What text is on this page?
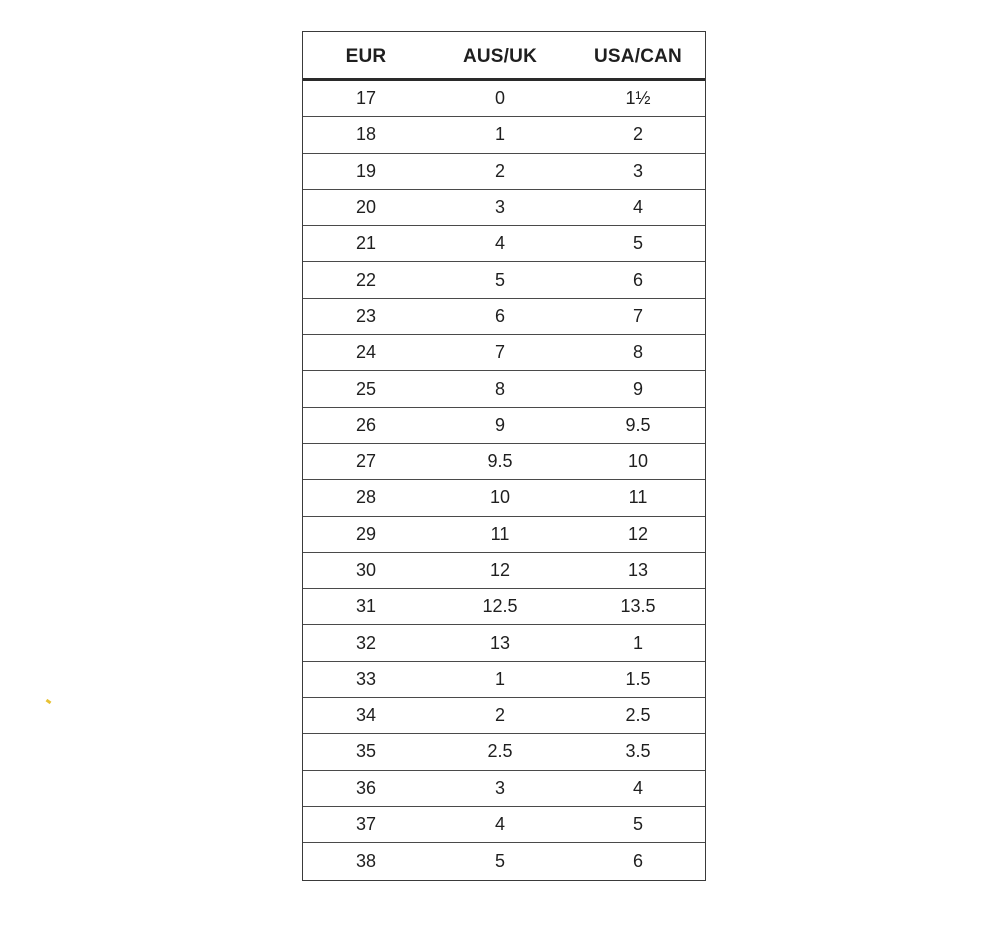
EUR	AUS/UK	USA/CAN
17	0	1½
18	1	2
19	2	3
20	3	4
21	4	5
22	5	6
23	6	7
24	7	8
25	8	9
26	9	9.5
27	9.5	10
28	10	11
29	11	12
30	12	13
31	12.5	13.5
32	13	1
33	1	1.5
34	2	2.5
35	2.5	3.5
36	3	4
37	4	5
38	5	6
